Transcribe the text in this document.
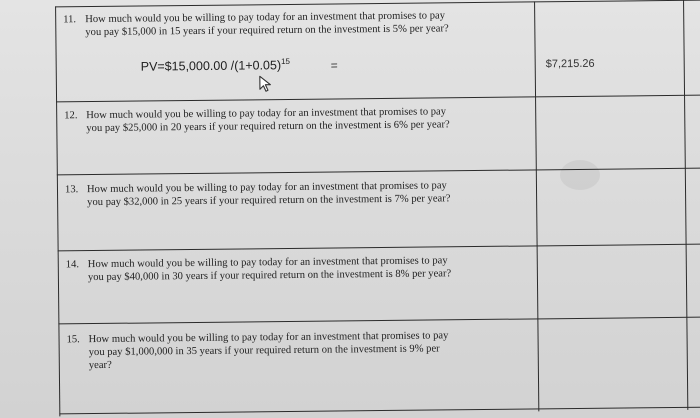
11. How much would you be willing to pay today for an investment that promises to pay
you pay $15,000 in 15 years if your required return on the investment is 5% per year?
PV=$15,000.00 $/(1+0.05)^{15}$	=	$7,215.26
12. How much would you be willing to pay today for an investment that promises to pay
you pay $25,000 in 20 years if your required return on the investment is 6% per year?
13. How much would you be willing to pay today for an investment that promises to pay
you pay $32,000 in 25 years if your required return on the investment is 7% per year?
14. How much would you be willing to pay today for an investment that promises to pay
you pay $40,000 in 30 years if your required return on the investment is 8% per year?
15. How much would you be willing to pay today for an investment that promises to pay
you pay $1,000,000 in 35 years if your required return on the investment is 9% per
year?
